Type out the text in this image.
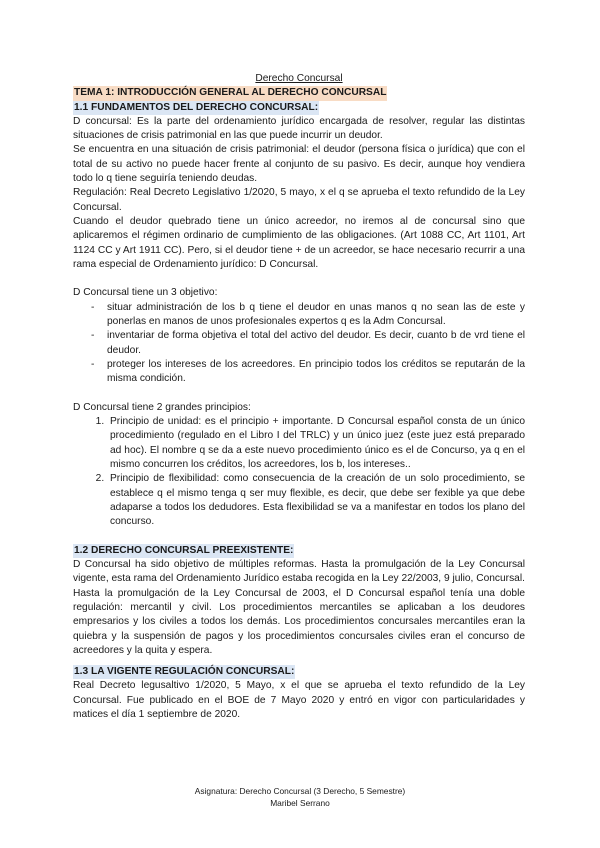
Derecho Concursal

TEMA 1: INTRODUCCIÓN GENERAL AL DERECHO CONCURSAL
1.1 FUNDAMENTOS DEL DERECHO CONCURSAL:

D concursal: Es la parte del ordenamiento jurídico encargada de resolver, regular las distintas situaciones de crisis patrimonial en las que puede incurrir un deudor.

Se encuentra en una situación de crisis patrimonial: el deudor (persona física o jurídica) que con el total de su activo no puede hacer frente al conjunto de su pasivo. Es decir, aunque hoy vendiera todo lo q tiene seguiría teniendo deudas.

Regulación: Real Decreto Legislativo 1/2020, 5 mayo, x el q se aprueba el texto refundido de la Ley Concursal.

Cuando el deudor quebrado tiene un único acreedor, no iremos al de concursal sino que aplicaremos el régimen ordinario de cumplimiento de las obligaciones. (Art 1088 CC, Art 1101, Art 1124 CC y Art 1911 CC). Pero, si el deudor tiene + de un acreedor, se hace necesario recurrir a una rama especial de Ordenamiento jurídico: D Concursal.

D Concursal tiene un 3 objetivo:

- situar administración de los b q tiene el deudor en unas manos q no sean las de este y ponerlas en manos de unos profesionales expertos q es la Adm Concursal.
- inventariar de forma objetiva el total del activo del deudor. Es decir, cuanto b de vrd tiene el deudor.
- proteger los intereses de los acreedores. En principio todos los créditos se reputarán de la misma condición.

D Concursal tiene 2 grandes principios:

1. Principio de unidad: es el principio + importante. D Concursal español consta de un único procedimiento (regulado en el Libro I del TRLC) y un único juez (este juez está preparado ad hoc). El nombre q se da a este nuevo procedimiento único es el de Concurso, ya q en el mismo concurren los créditos, los acreedores, los b, los intereses..
2. Principio de flexibilidad: como consecuencia de la creación de un solo procedimiento, se establece q el mismo tenga q ser muy flexible, es decir, que debe ser fexible ya que debe adaparse a todos los dedudores. Esta flexibilidad se va a manifestar en todos los plano del concurso.
1.2 DERECHO CONCURSAL PREEXISTENTE:

D Concursal ha sido objetivo de múltiples reformas. Hasta la promulgación de la Ley Concursal vigente, esta rama del Ordenamiento Jurídico estaba recogida en la Ley 22/2003, 9 julio, Concursal.

Hasta la promulgación de la Ley Concursal de 2003, el D Concursal español tenía una doble regulación: mercantil y civil. Los procedimientos mercantiles se aplicaban a los deudores empresarios y los civiles a todos los demás. Los procedimientos concursales mercantiles eran la quiebra y la suspensión de pagos y los procedimientos concursales civiles eran el concurso de acreedores y la quita y espera.

1.3 LA VIGENTE REGULACIÓN CONCURSAL:

Real Decreto legusaltivo 1/2020, 5 Mayo, x el que se aprueba el texto refundido de la Ley Concursal. Fue publicado en el BOE de 7 Mayo 2020 y entró en vigor con particularidades y matices el día 1 septiembre de 2020.

Asignatura: Derecho Concursal (3 Derecho, 5 Semestre)
Maribel Serrano
